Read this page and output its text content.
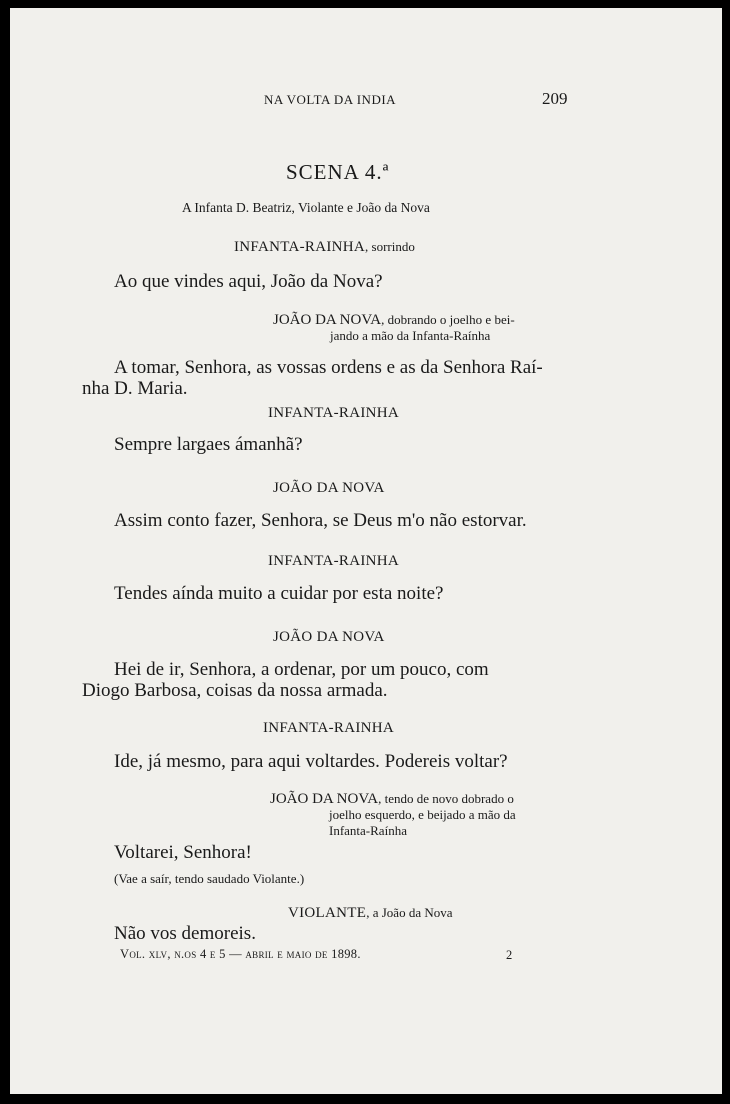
NA VOLTA DA INDIA	209
SCENA 4.ª
A Infanta D. Beatriz, Violante e João da Nova
INFANTA-RAINHA, sorrindo
Ao que vindes aqui, João da Nova?
JOÃO DA NOVA, dobrando o joelho e bei-
jando a mão da Infanta-Raínha
A tomar, Senhora, as vossas ordens e as da Senhora Raí-
nha D. Maria.
INFANTA-RAINHA
Sempre largaes ámanhã?
JOÃO DA NOVA
Assim conto fazer, Senhora, se Deus m'o não estorvar.
INFANTA-RAINHA
Tendes aínda muito a cuidar por esta noite?
JOÃO DA NOVA
Hei de ir, Senhora, a ordenar, por um pouco, com
Diogo Barbosa, coisas da nossa armada.
INFANTA-RAINHA
Ide, já mesmo, para aqui voltardes. Podereis voltar?
JOÃO DA NOVA, tendo de novo dobrado o
joelho esquerdo, e beijado a mão da
Infanta-Raínha
Voltarei, Senhora!
(Vae a saír, tendo saudado Violante.)
VIOLANTE, a João da Nova
Não vos demoreis.
Vol. xlv, n.os 4 e 5 — abril e maio de 1898.	2
